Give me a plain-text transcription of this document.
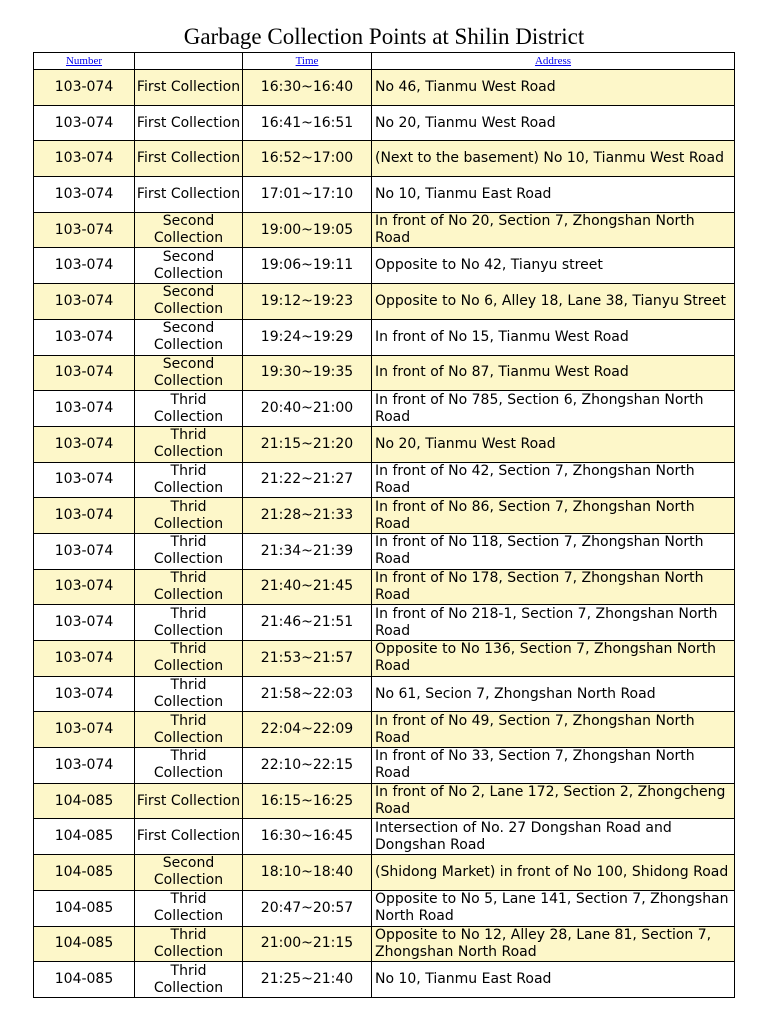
Garbage Collection Points at Shilin District
Number		Time	Address
103-074	First Collection	16:30~16:40	No 46, Tianmu West Road
103-074	First Collection	16:41~16:51	No 20, Tianmu West Road
103-074	First Collection	16:52~17:00	(Next to the basement) No 10, Tianmu West Road
103-074	First Collection	17:01~17:10	No 10, Tianmu East Road
103-074	Second Collection	19:00~19:05	In front of No 20, Section 7, Zhongshan North Road
103-074	Second Collection	19:06~19:11	Opposite to No 42, Tianyu street
103-074	Second Collection	19:12~19:23	Opposite to No 6, Alley 18, Lane 38, Tianyu Street
103-074	Second Collection	19:24~19:29	In front of No 15, Tianmu West Road
103-074	Second Collection	19:30~19:35	In front of No 87, Tianmu West Road
103-074	Thrid Collection	20:40~21:00	In front of No 785, Section 6, Zhongshan North Road
103-074	Thrid Collection	21:15~21:20	No 20, Tianmu West Road
103-074	Thrid Collection	21:22~21:27	In front of No 42, Section 7, Zhongshan North Road
103-074	Thrid Collection	21:28~21:33	In front of No 86, Section 7, Zhongshan North Road
103-074	Thrid Collection	21:34~21:39	In front of No 118, Section 7, Zhongshan North Road
103-074	Thrid Collection	21:40~21:45	In front of No 178, Section 7, Zhongshan North Road
103-074	Thrid Collection	21:46~21:51	In front of No 218-1, Section 7, Zhongshan North Road
103-074	Thrid Collection	21:53~21:57	Opposite to No 136, Section 7, Zhongshan North Road
103-074	Thrid Collection	21:58~22:03	No 61, Secion 7, Zhongshan North Road
103-074	Thrid Collection	22:04~22:09	In front of No 49, Section 7, Zhongshan North Road
103-074	Thrid Collection	22:10~22:15	In front of No 33, Section 7, Zhongshan North Road
104-085	First Collection	16:15~16:25	In front of No 2, Lane 172, Section 2, Zhongcheng Road
104-085	First Collection	16:30~16:45	Intersection of No. 27 Dongshan Road and Dongshan Road
104-085	Second Collection	18:10~18:40	(Shidong Market) in front of No 100, Shidong Road
104-085	Thrid Collection	20:47~20:57	Opposite to No 5, Lane 141, Section 7, Zhongshan North Road
104-085	Thrid Collection	21:00~21:15	Opposite to No 12, Alley 28, Lane 81, Section 7, Zhongshan North Road
104-085	Thrid Collection	21:25~21:40	No 10, Tianmu East Road
